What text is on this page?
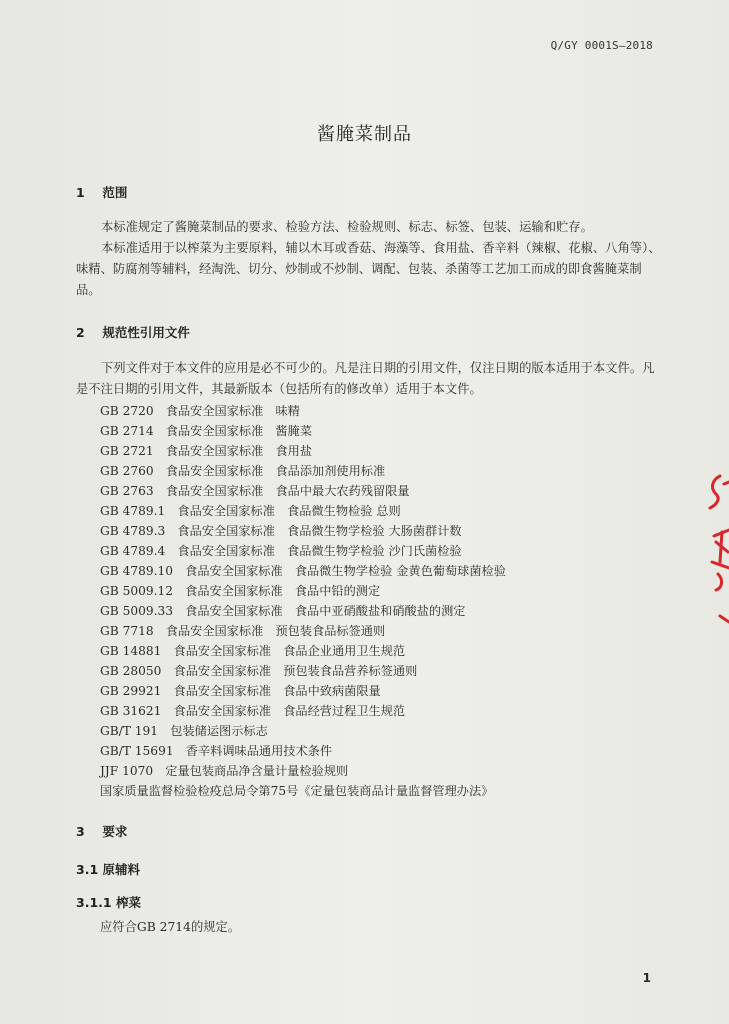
Q/GY 0001S—2018
酱腌菜制品
1 范围
本标准规定了酱腌菜制品的要求、检验方法、检验规则、标志、标签、包装、运输和贮存。
本标准适用于以榨菜为主要原料，辅以木耳或香菇、海藻等、食用盐、香辛料（辣椒、花椒、八角等）、味精、防腐剂等辅料，经淘洗、切分、炒制或不炒制、调配、包装、杀菌等工艺加工而成的即食酱腌菜制品。
2 规范性引用文件
下列文件对于本文件的应用是必不可少的。凡是注日期的引用文件，仅注日期的版本适用于本文件。凡是不注日期的引用文件，其最新版本（包括所有的修改单）适用于本文件。
GB 2720　食品安全国家标准　味精
GB 2714　食品安全国家标准　酱腌菜
GB 2721　食品安全国家标准　食用盐
GB 2760　食品安全国家标准　食品添加剂使用标准
GB 2763　食品安全国家标准　食品中最大农药残留限量
GB 4789.1　食品安全国家标准　食品微生物检验 总则
GB 4789.3　食品安全国家标准　食品微生物学检验 大肠菌群计数
GB 4789.4　食品安全国家标准　食品微生物学检验 沙门氏菌检验
GB 4789.10　食品安全国家标准　食品微生物学检验 金黄色葡萄球菌检验
GB 5009.12　食品安全国家标准　食品中铅的测定
GB 5009.33　食品安全国家标准　食品中亚硝酸盐和硝酸盐的测定
GB 7718　食品安全国家标准　预包装食品标签通则
GB 14881　食品安全国家标准　食品企业通用卫生规范
GB 28050　食品安全国家标准　预包装食品营养标签通则
GB 29921　食品安全国家标准　食品中致病菌限量
GB 31621　食品安全国家标准　食品经营过程卫生规范
GB/T 191　包装储运图示标志
GB/T 15691　香辛料调味品通用技术条件
JJF 1070　定量包装商品净含量计量检验规则
国家质量监督检验检疫总局令第75号《定量包装商品计量监督管理办法》
3 要求
3.1 原辅料
3.1.1 榨菜
应符合GB 2714的规定。
1
